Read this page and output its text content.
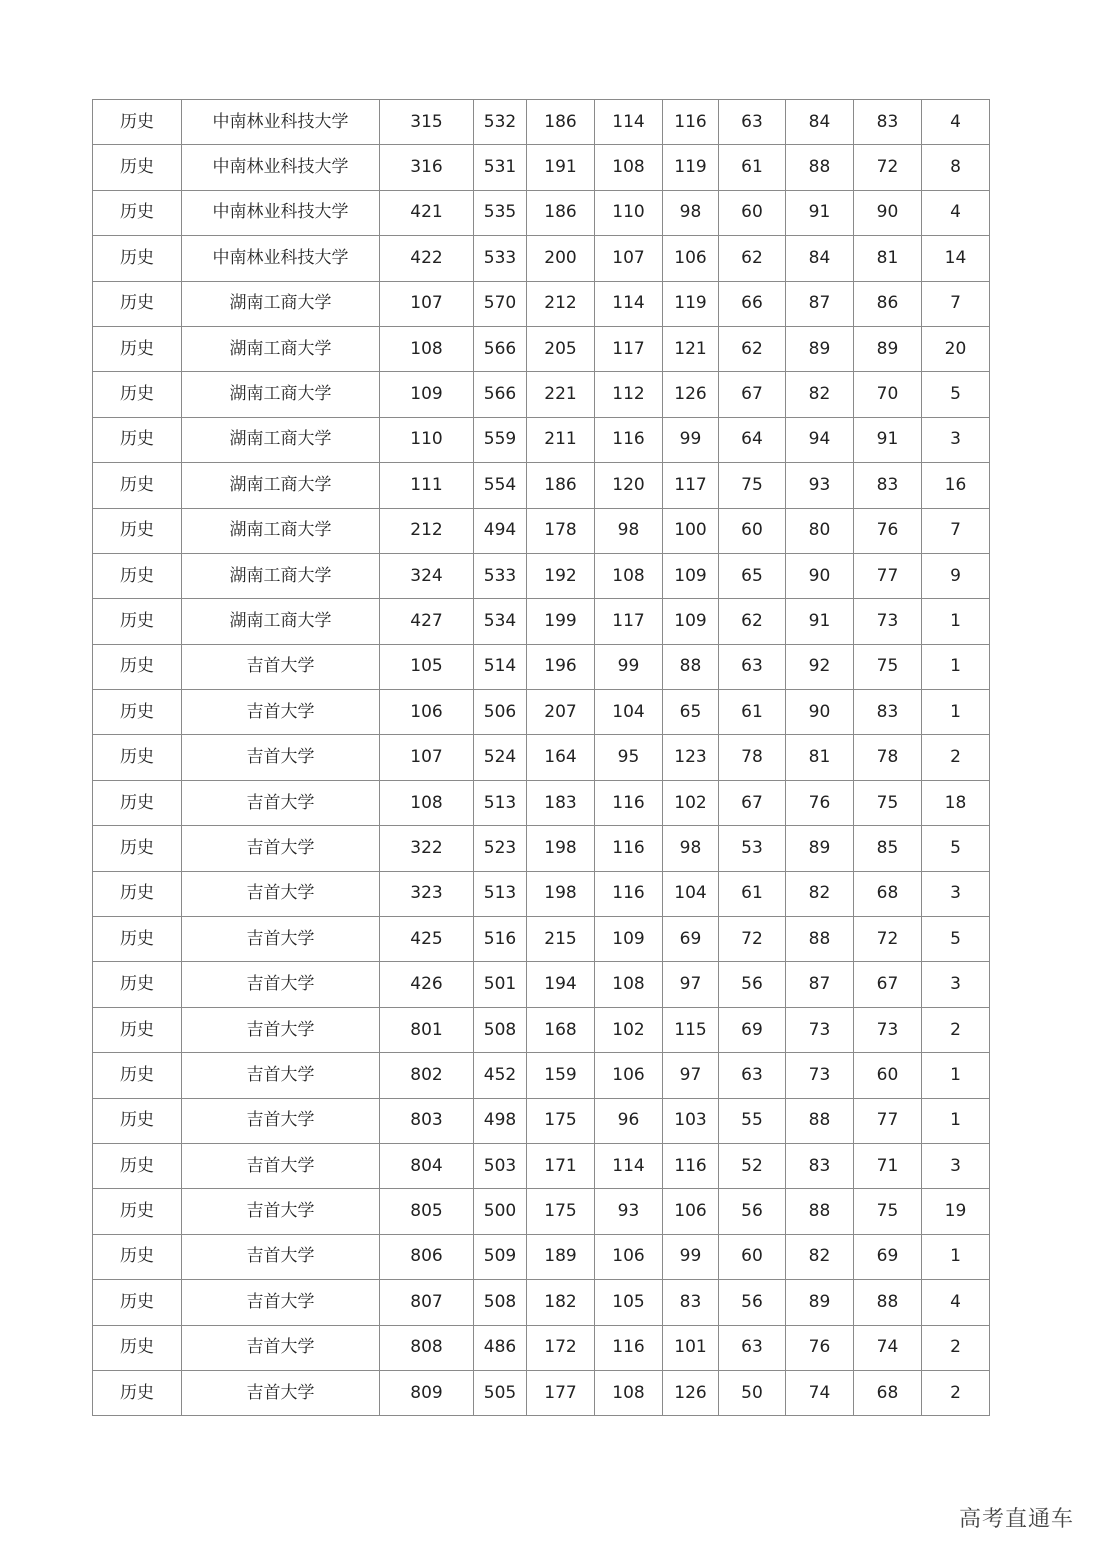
历史	中南林业科技大学	315	532	186	114	116	63	84	83	4
历史	中南林业科技大学	316	531	191	108	119	61	88	72	8
历史	中南林业科技大学	421	535	186	110	98	60	91	90	4
历史	中南林业科技大学	422	533	200	107	106	62	84	81	14
历史	湖南工商大学	107	570	212	114	119	66	87	86	7
历史	湖南工商大学	108	566	205	117	121	62	89	89	20
历史	湖南工商大学	109	566	221	112	126	67	82	70	5
历史	湖南工商大学	110	559	211	116	99	64	94	91	3
历史	湖南工商大学	111	554	186	120	117	75	93	83	16
历史	湖南工商大学	212	494	178	98	100	60	80	76	7
历史	湖南工商大学	324	533	192	108	109	65	90	77	9
历史	湖南工商大学	427	534	199	117	109	62	91	73	1
历史	吉首大学	105	514	196	99	88	63	92	75	1
历史	吉首大学	106	506	207	104	65	61	90	83	1
历史	吉首大学	107	524	164	95	123	78	81	78	2
历史	吉首大学	108	513	183	116	102	67	76	75	18
历史	吉首大学	322	523	198	116	98	53	89	85	5
历史	吉首大学	323	513	198	116	104	61	82	68	3
历史	吉首大学	425	516	215	109	69	72	88	72	5
历史	吉首大学	426	501	194	108	97	56	87	67	3
历史	吉首大学	801	508	168	102	115	69	73	73	2
历史	吉首大学	802	452	159	106	97	63	73	60	1
历史	吉首大学	803	498	175	96	103	55	88	77	1
历史	吉首大学	804	503	171	114	116	52	83	71	3
历史	吉首大学	805	500	175	93	106	56	88	75	19
历史	吉首大学	806	509	189	106	99	60	82	69	1
历史	吉首大学	807	508	182	105	83	56	89	88	4
历史	吉首大学	808	486	172	116	101	63	76	74	2
历史	吉首大学	809	505	177	108	126	50	74	68	2
高考直通车
